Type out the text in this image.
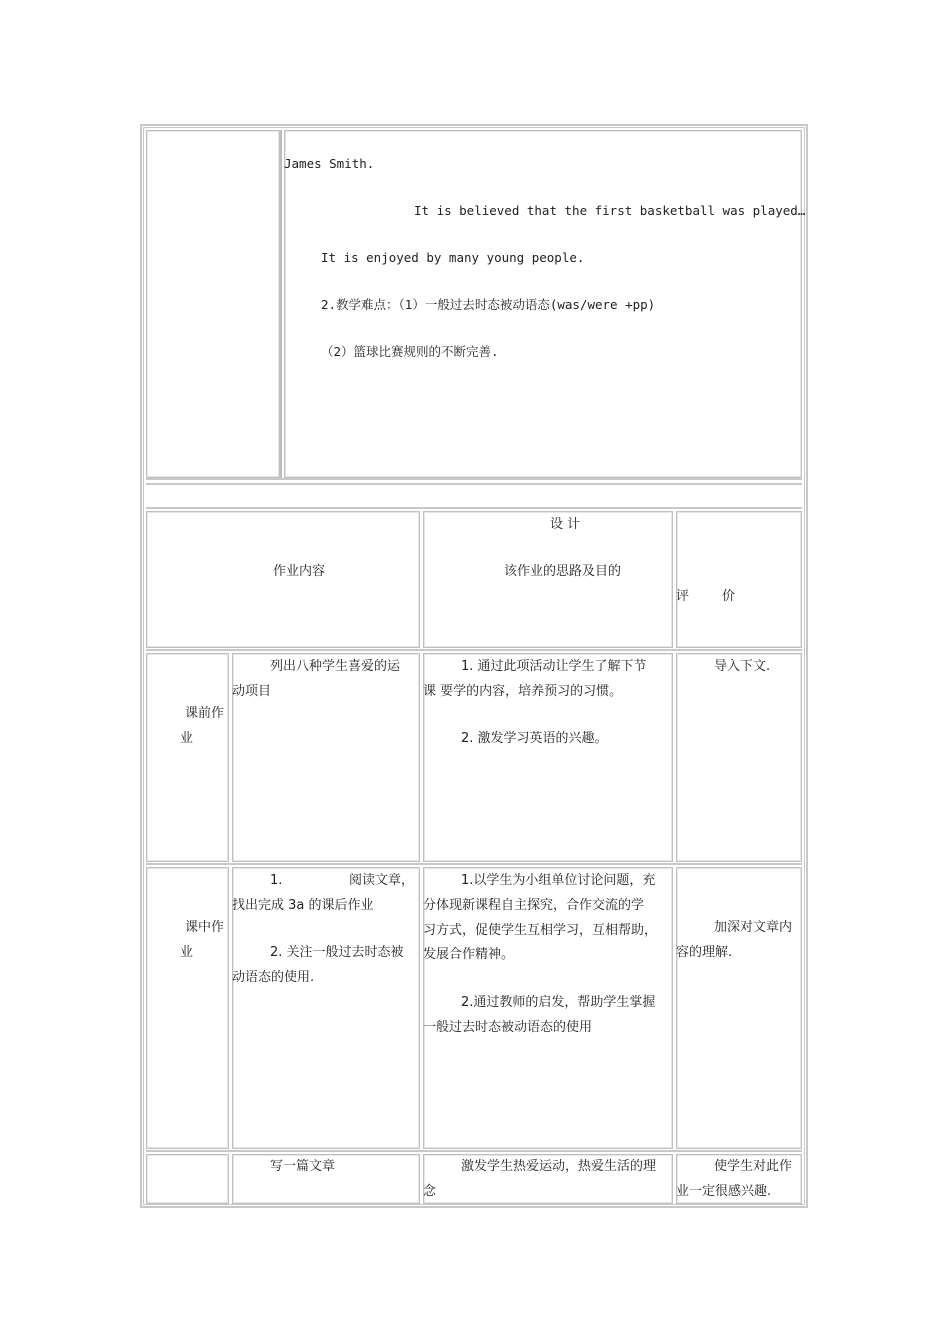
James Smith.
It is believed that the first basketball was played…
It is enjoyed by many young people.
2.教学难点：（1）一般过去时态被动语态(was/were +pp)
（2）篮球比赛规则的不断完善.
作业内容
设 计
该作业的思路及目的
评        价
课前作
业
列出八种学生喜爱的运
动项目
1. 通过此项活动让学生了解下节
课 要学的内容，培养预习的习惯。
2. 激发学习英语的兴趣。
导入下文.
课中作
业
1.	阅读文章，
找出完成 3a 的课后作业
2. 关注一般过去时态被
动语态的使用.
1.以学生为小组单位讨论问题，充
分体现新课程自主探究，合作交流的学
习方式，促使学生互相学习，互相帮助，
发展合作精神。
2.通过教师的启发，帮助学生掌握
一般过去时态被动语态的使用
加深对文章内
容的理解.
写一篇文章	激发学生热爱运动，热爱生活的理
念
使学生对此作
业一定很感兴趣.
